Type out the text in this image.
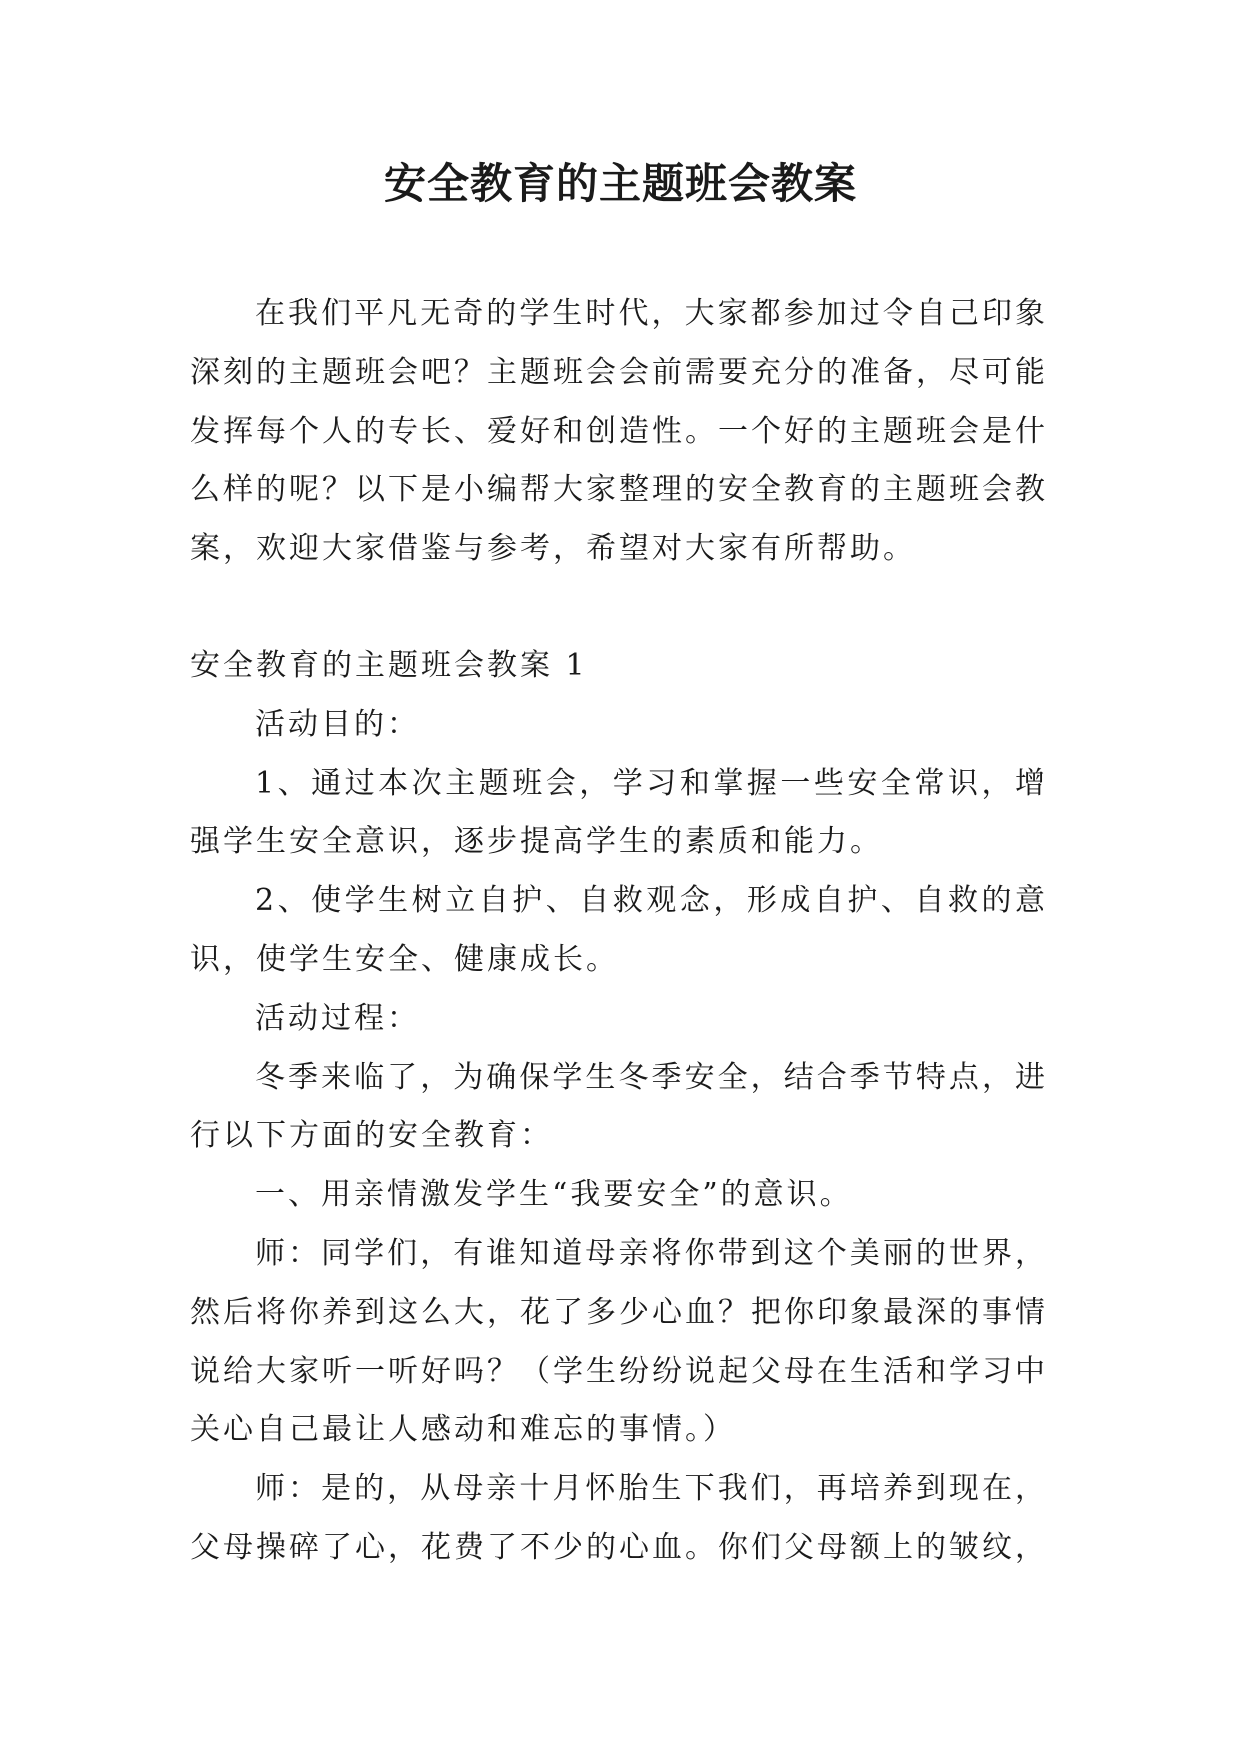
安全教育的主题班会教案

在我们平凡无奇的学生时代，大家都参加过令自己印象深刻的主题班会吧？主题班会会前需要充分的准备，尽可能发挥每个人的专长、爱好和创造性。一个好的主题班会是什么样的呢？以下是小编帮大家整理的安全教育的主题班会教案，欢迎大家借鉴与参考，希望对大家有所帮助。

安全教育的主题班会教案 1

活动目的：

1、通过本次主题班会，学习和掌握一些安全常识，增强学生安全意识，逐步提高学生的素质和能力。

2、使学生树立自护、自救观念，形成自护、自救的意识，使学生安全、健康成长。

活动过程：

冬季来临了，为确保学生冬季安全，结合季节特点，进行以下方面的安全教育：

一、用亲情激发学生“我要安全”的意识。

师：同学们，有谁知道母亲将你带到这个美丽的世界，然后将你养到这么大，花了多少心血？把你印象最深的事情说给大家听一听好吗？（学生纷纷说起父母在生活和学习中关心自己最让人感动和难忘的事情。）

师：是的，从母亲十月怀胎生下我们，再培养到现在，父母操碎了心，花费了不少的心血。你们父母额上的皱纹，
